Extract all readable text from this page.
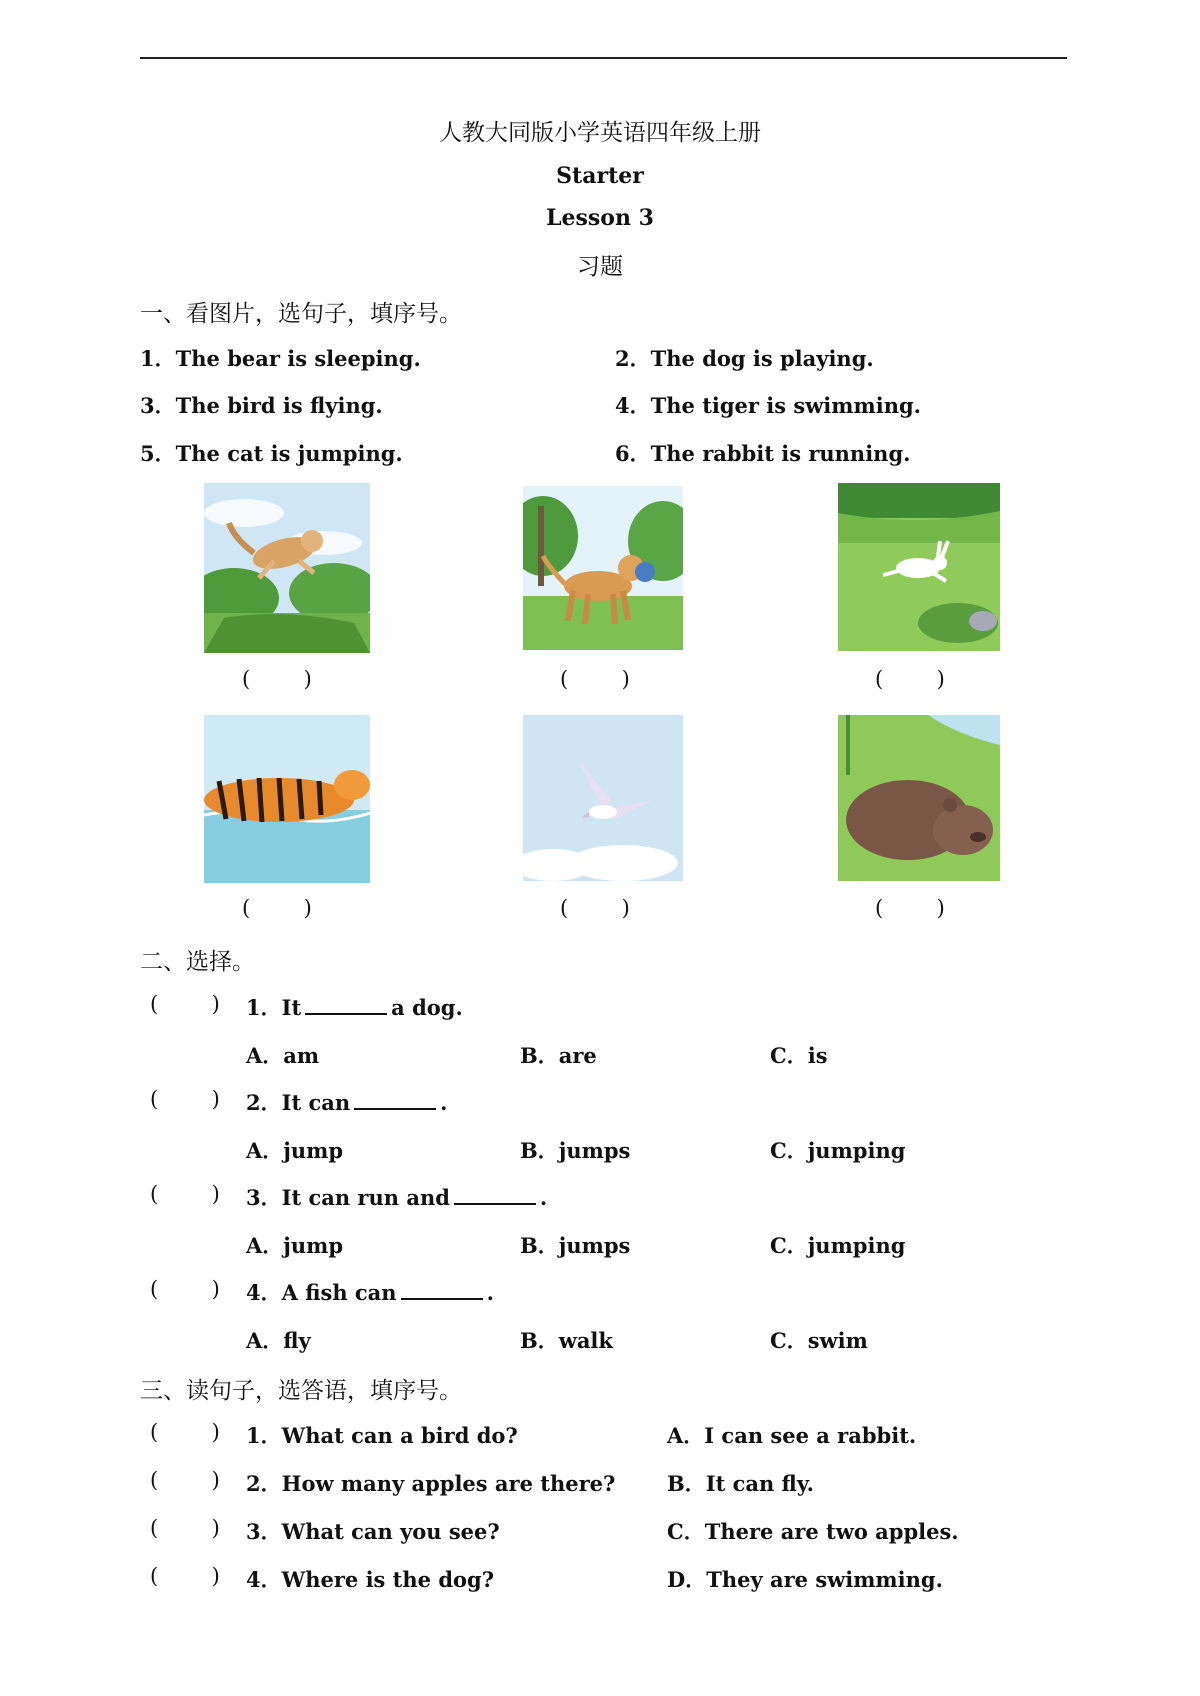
人教大同版小学英语四年级上册
Starter
Lesson 3
习题
一、看图片，选句子，填序号。
1．The bear is sleeping.	2．The dog is playing.
3．The bird is flying.	4．The tiger is swimming.
5．The cat is jumping.	6．The rabbit is running.
(        )	(        )	(        )
(        )	(        )	(        )
二、选择。
(        ) 1．It	a dog.
A．am	B．are	C．is
(        ) 2．It can	.
A．jump	B．jumps	C．jumping
(        ) 3．It can run and	.
A．jump	B．jumps	C．jumping
(        ) 4．A fish can	.
A．fly	B．walk	C．swim
三、读句子，选答语，填序号。
(        ) 1．What can a bird do?	A．I can see a rabbit.
(        ) 2．How many apples are there? B．It can fly.
(        ) 3．What can you see?	C．There are two apples.
(        ) 4．Where is the dog?	D．They are swimming.
